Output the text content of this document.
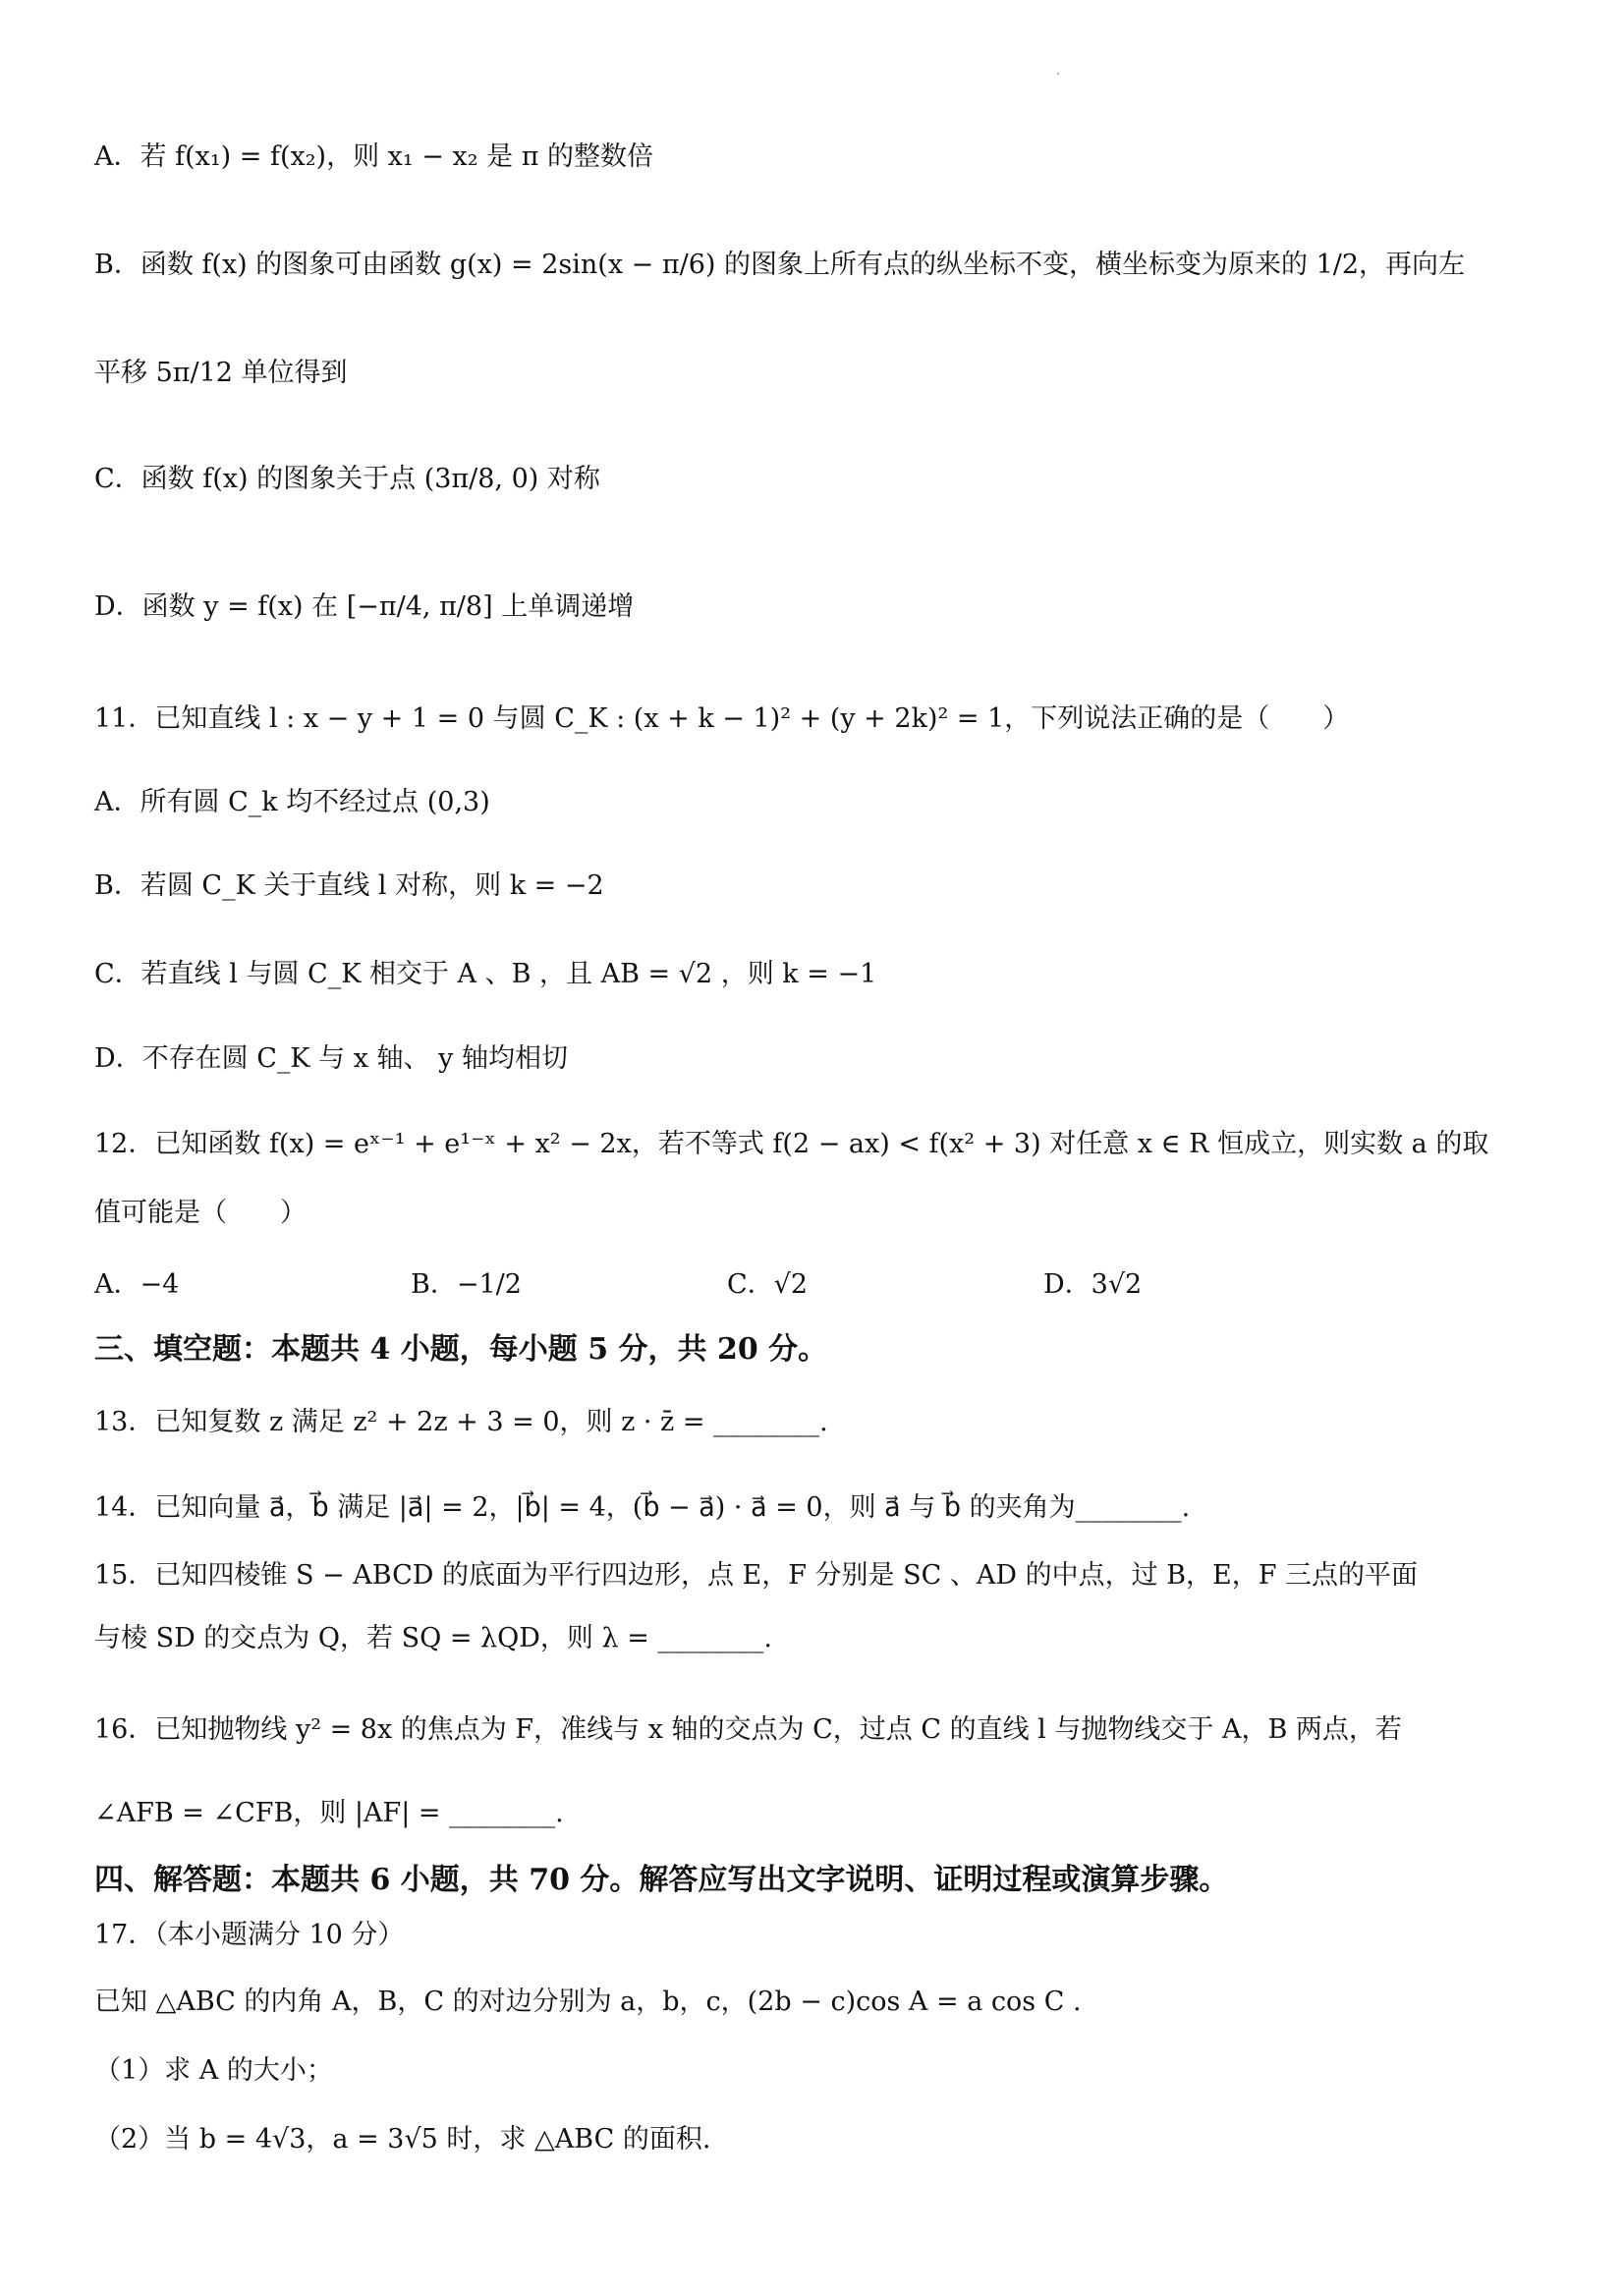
A．若 f(x₁) = f(x₂)，则 x₁ − x₂ 是 π 的整数倍
B．函数 f(x) 的图象可由函数 g(x) = 2sin(x − π/6) 的图象上所有点的纵坐标不变，横坐标变为原来的 1/2，再向左
平移 5π/12 单位得到
C．函数 f(x) 的图象关于点 (3π/8, 0) 对称
D．函数 y = f(x) 在 [−π/4, π/8] 上单调递增
11．已知直线 l : x − y + 1 = 0 与圆 C_K : (x + k − 1)² + (y + 2k)² = 1，下列说法正确的是（　　）
A．所有圆 C_k 均不经过点 (0,3)
B．若圆 C_K 关于直线 l 对称，则 k = −2
C．若直线 l 与圆 C_K 相交于 A 、B ，且 AB = √2 ，则 k = −1
D．不存在圆 C_K 与 x 轴、 y 轴均相切
12．已知函数 f(x) = eˣ⁻¹ + e¹⁻ˣ + x² − 2x，若不等式 f(2 − ax) < f(x² + 3) 对任意 x ∈ R 恒成立，则实数 a 的取
值可能是（　　）
A．−4	B．−1/2	C．√2	D．3√2
三、填空题：本题共 4 小题，每小题 5 分，共 20 分。
13．已知复数 z 满足 z² + 2z + 3 = 0，则 z · z̄ = ________.
14．已知向量 a⃗，b⃗ 满足 |a⃗| = 2，|b⃗| = 4，(b⃗ − a⃗) · a⃗ = 0，则 a⃗ 与 b⃗ 的夹角为________.
15．已知四棱锥 S − ABCD 的底面为平行四边形，点 E，F 分别是 SC 、AD 的中点，过 B，E，F 三点的平面
与棱 SD 的交点为 Q，若 SQ = λQD，则 λ = ________.
16．已知抛物线 y² = 8x 的焦点为 F，准线与 x 轴的交点为 C，过点 C 的直线 l 与抛物线交于 A，B 两点，若
∠AFB = ∠CFB，则 |AF| = ________.
四、解答题：本题共 6 小题，共 70 分。解答应写出文字说明、证明过程或演算步骤。
17．（本小题满分 10 分）
已知 △ABC 的内角 A，B，C 的对边分别为 a，b，c，(2b − c)cos A = a cos C .
（1）求 A 的大小；
（2）当 b = 4√3，a = 3√5 时，求 △ABC 的面积.
